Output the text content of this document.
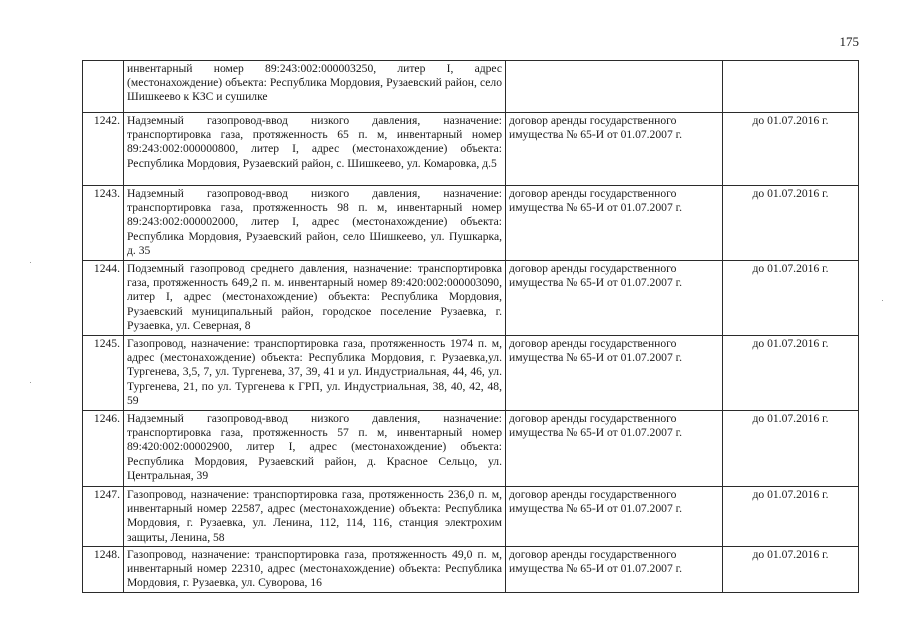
175
	инвентарный номер 89:243:002:000003250, литер I, адрес (местонахождение) объекта: Республика Мордовия, Рузаевский район, село Шишкеево к КЗС и сушилке		
1242.	Надземный газопровод-ввод низкого давления, назначение: транспортировка газа, протяженность 65 п. м, инвентарный номер 89:243:002:000000800, литер I, адрес (местонахождение) объекта: Республика Мордовия, Рузаевский район, с. Шишкеево, ул. Комаровка, д.5	договор аренды государственного имущества № 65-И от 01.07.2007 г.	до 01.07.2016 г.
1243.	Надземный газопровод-ввод низкого давления, назначение: транспортировка газа, протяженность 98 п. м, инвентарный номер 89:243:002:000002000, литер I, адрес (местонахождение) объекта: Республика Мордовия, Рузаевский район, село Шишкеево, ул. Пушкарка, д. 35	договор аренды государственного имущества № 65-И от 01.07.2007 г.	до 01.07.2016 г.
1244.	Подземный газопровод среднего давления, назначение: транспортировка газа, протяженность 649,2 п. м. инвентарный номер 89:420:002:000003090, литер I, адрес (местонахождение) объекта: Республика Мордовия, Рузаевский муниципальный район, городское поселение Рузаевка, г. Рузаевка, ул. Северная, 8	договор аренды государственного имущества № 65-И от 01.07.2007 г.	до 01.07.2016 г.
1245.	Газопровод, назначение: транспортировка газа, протяженность 1974 п. м, адрес (местонахождение) объекта: Республика Мордовия, г. Рузаевка,ул. Тургенева, 3,5, 7, ул. Тургенева, 37, 39, 41 и ул. Индустриальная, 44, 46, ул. Тургенева, 21, по ул. Тургенева к ГРП, ул. Индустриальная, 38, 40, 42, 48, 59	договор аренды государственного имущества № 65-И от 01.07.2007 г.	до 01.07.2016 г.
1246.	Надземный газопровод-ввод низкого давления, назначение: транспортировка газа, протяженность 57 п. м, инвентарный номер 89:420:002:00002900, литер I, адрес (местонахождение) объекта: Республика Мордовия, Рузаевский район, д. Красное Сельцо, ул. Центральная, 39	договор аренды государственного имущества № 65-И от 01.07.2007 г.	до 01.07.2016 г.
1247.	Газопровод, назначение: транспортировка газа, протяженность 236,0 п. м, инвентарный номер 22587, адрес (местонахождение) объекта: Республика Мордовия, г. Рузаевка, ул. Ленина, 112, 114, 116, станция электрохим защиты, Ленина, 58	договор аренды государственного имущества № 65-И от 01.07.2007 г.	до 01.07.2016 г.
1248.	Газопровод, назначение: транспортировка газа, протяженность 49,0 п. м, инвентарный номер 22310, адрес (местонахождение) объекта: Республика Мордовия, г. Рузаевка, ул. Суворова, 16	договор аренды государственного имущества № 65-И от 01.07.2007 г.	до 01.07.2016 г.
